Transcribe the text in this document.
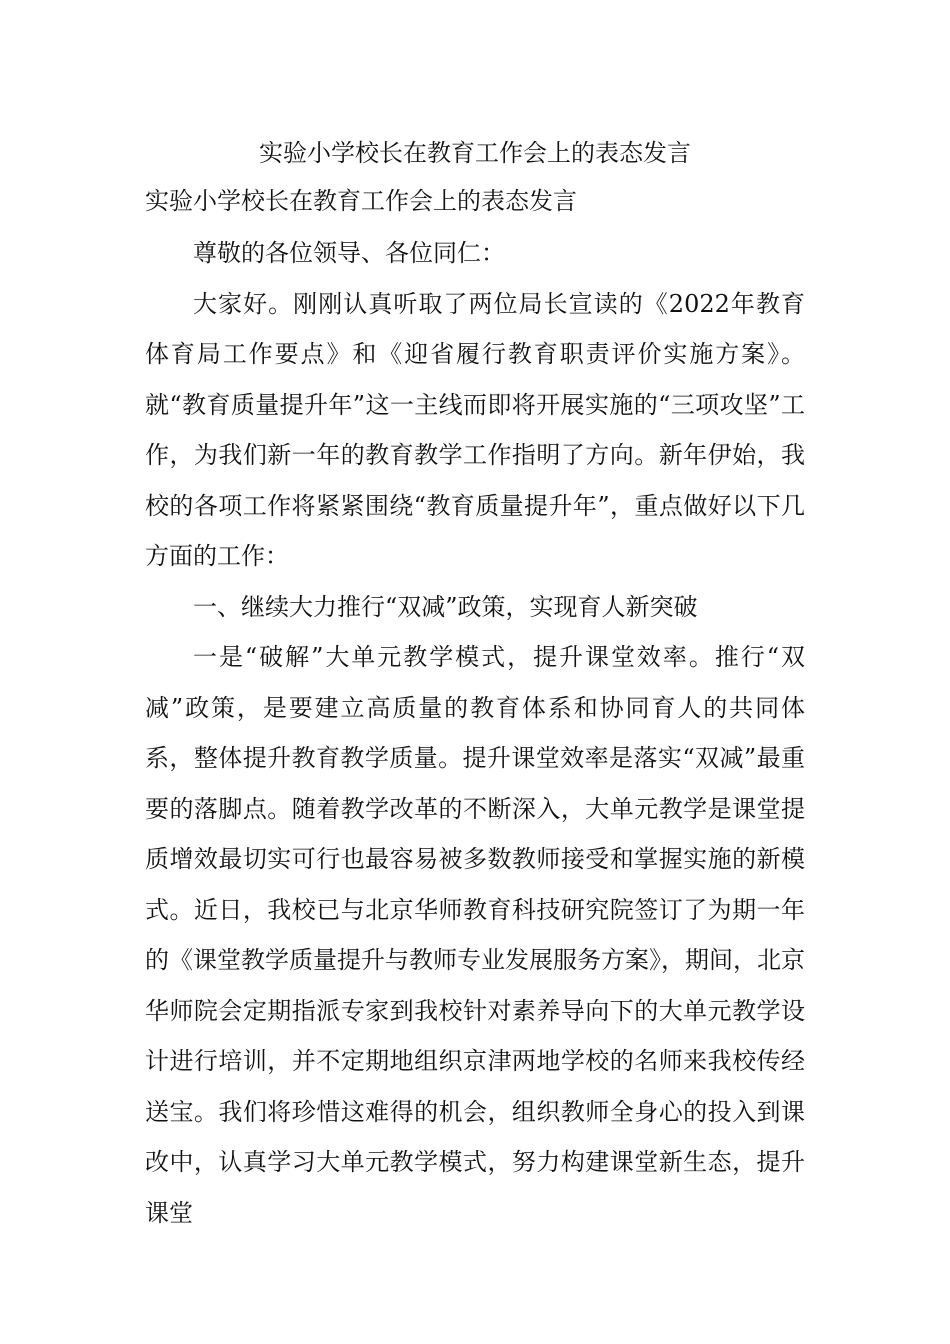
实验小学校长在教育工作会上的表态发言
实验小学校长在教育工作会上的表态发言

尊敬的各位领导、各位同仁：

大家好。刚刚认真听取了两位局长宣读的《2022年教育体育局工作要点》和《迎省履行教育职责评价实施方案》。就“教育质量提升年”这一主线而即将开展实施的“三项攻坚”工作，为我们新一年的教育教学工作指明了方向。新年伊始，我校的各项工作将紧紧围绕“教育质量提升年”，重点做好以下几方面的工作：

一、继续大力推行“双减”政策，实现育人新突破

一是“破解”大单元教学模式，提升课堂效率。推行“双减”政策，是要建立高质量的教育体系和协同育人的共同体系，整体提升教育教学质量。提升课堂效率是落实“双减”最重要的落脚点。随着教学改革的不断深入，大单元教学是课堂提质增效最切实可行也最容易被多数教师接受和掌握实施的新模式。近日，我校已与北京华师教育科技研究院签订了为期一年的《课堂教学质量提升与教师专业发展服务方案》，期间，北京华师院会定期指派专家到我校针对素养导向下的大单元教学设计进行培训，并不定期地组织京津两地学校的名师来我校传经送宝。我们将珍惜这难得的机会，组织教师全身心的投入到课改中，认真学习大单元教学模式，努力构建课堂新生态，提升课堂
